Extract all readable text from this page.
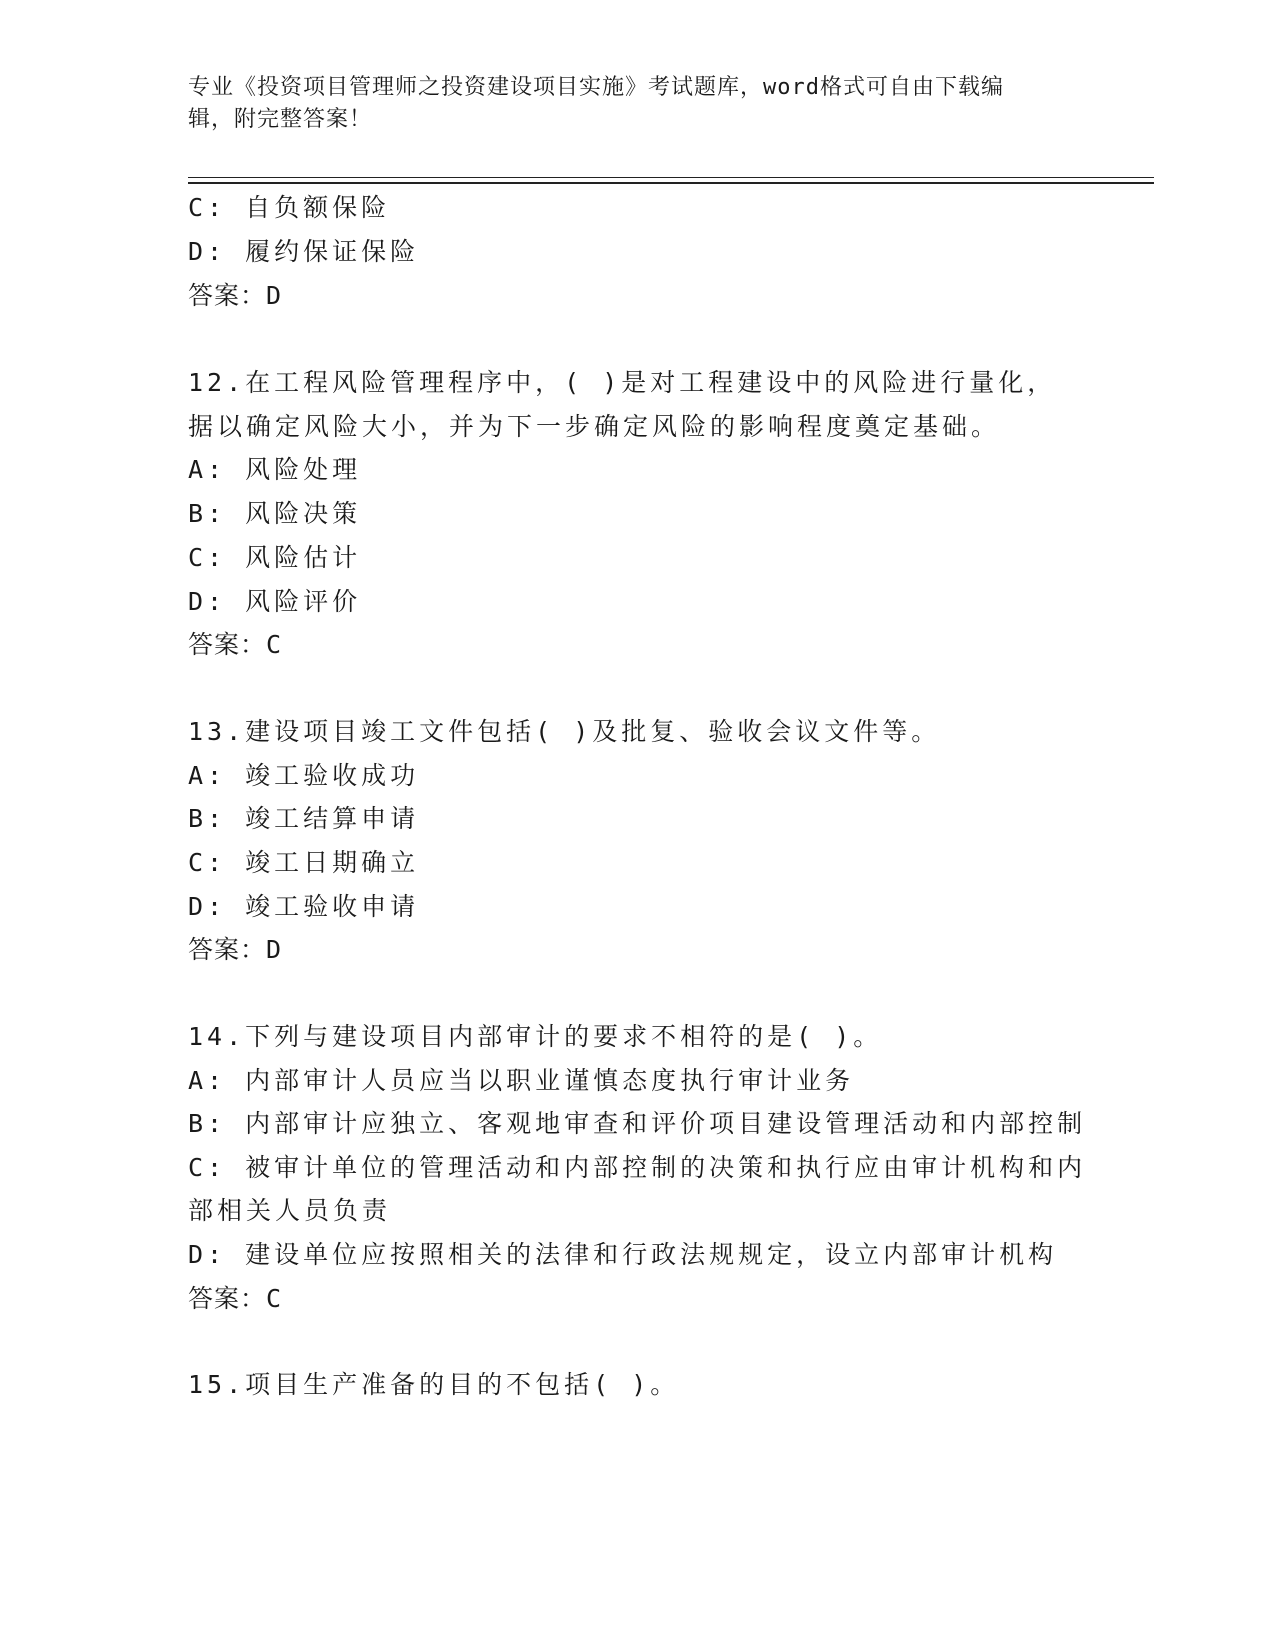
专业《投资项目管理师之投资建设项目实施》考试题库，word格式可自由下载编
辑，附完整答案！
C: 自负额保险
D: 履约保证保险
答案：D
12.在工程风险管理程序中，( )是对工程建设中的风险进行量化，
据以确定风险大小，并为下一步确定风险的影响程度奠定基础。
A: 风险处理
B: 风险决策
C: 风险估计
D: 风险评价
答案：C
13.建设项目竣工文件包括( )及批复、验收会议文件等。
A: 竣工验收成功
B: 竣工结算申请
C: 竣工日期确立
D: 竣工验收申请
答案：D
14.下列与建设项目内部审计的要求不相符的是( )。
A: 内部审计人员应当以职业谨慎态度执行审计业务
B: 内部审计应独立、客观地审查和评价项目建设管理活动和内部控制
C: 被审计单位的管理活动和内部控制的决策和执行应由审计机构和内
部相关人员负责
D: 建设单位应按照相关的法律和行政法规规定，设立内部审计机构
答案：C
15.项目生产准备的目的不包括( )。
